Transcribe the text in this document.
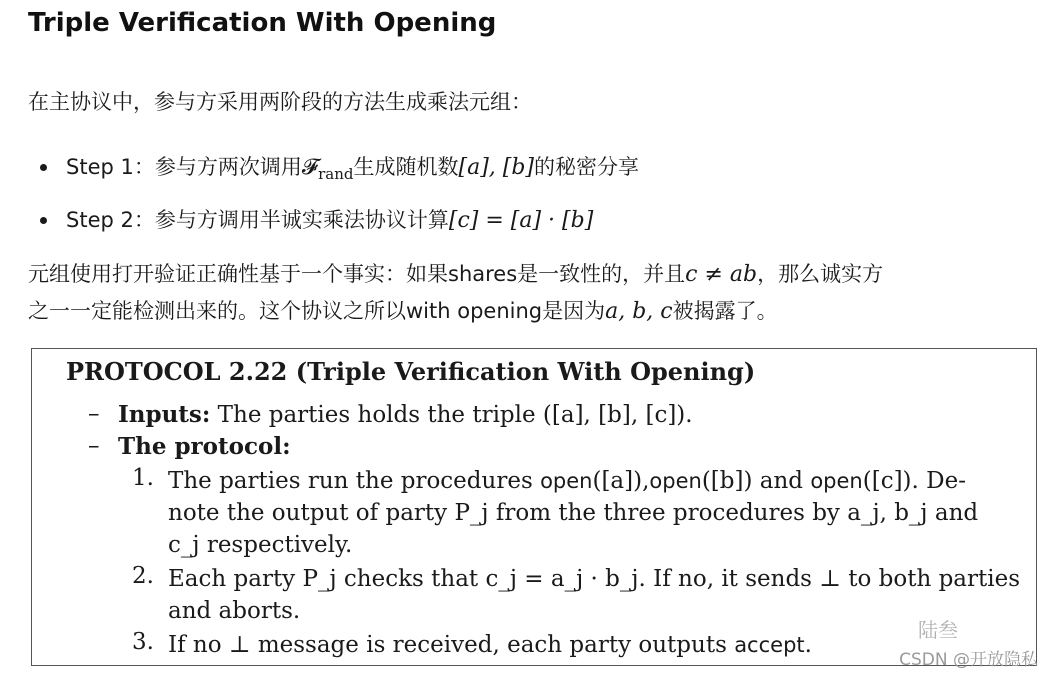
Triple Verification With Opening

在主协议中，参与方采用两阶段的方法生成乘法元组：

Step 1：参与方两次调用𝓕$_{rand}$生成随机数[a], [b]的秘密分享
Step 2：参与方调用半诚实乘法协议计算[c] = [a] · [b]

元组使用打开验证正确性基于一个事实：如果shares是一致性的，并且c ≠ ab，那么诚实方
之一一定能检测出来的。这个协议之所以with opening是因为a, b, c被揭露了。

PROTOCOL 2.22 (Triple Verification With Opening)

– Inputs: The parties holds the triple ([a], [b], [c]).
– The protocol:
1. The parties run the procedures open([a]),open([b]) and open([c]). De-
note the output of party P_j from the three procedures by a_j, b_j and
c_j respectively.
2. Each party P_j checks that c_j = a_j · b_j. If no, it sends ⊥ to both parties
and aborts.
3. If no ⊥ message is received, each party outputs accept.
陆叁
CSDN @开放隐私
